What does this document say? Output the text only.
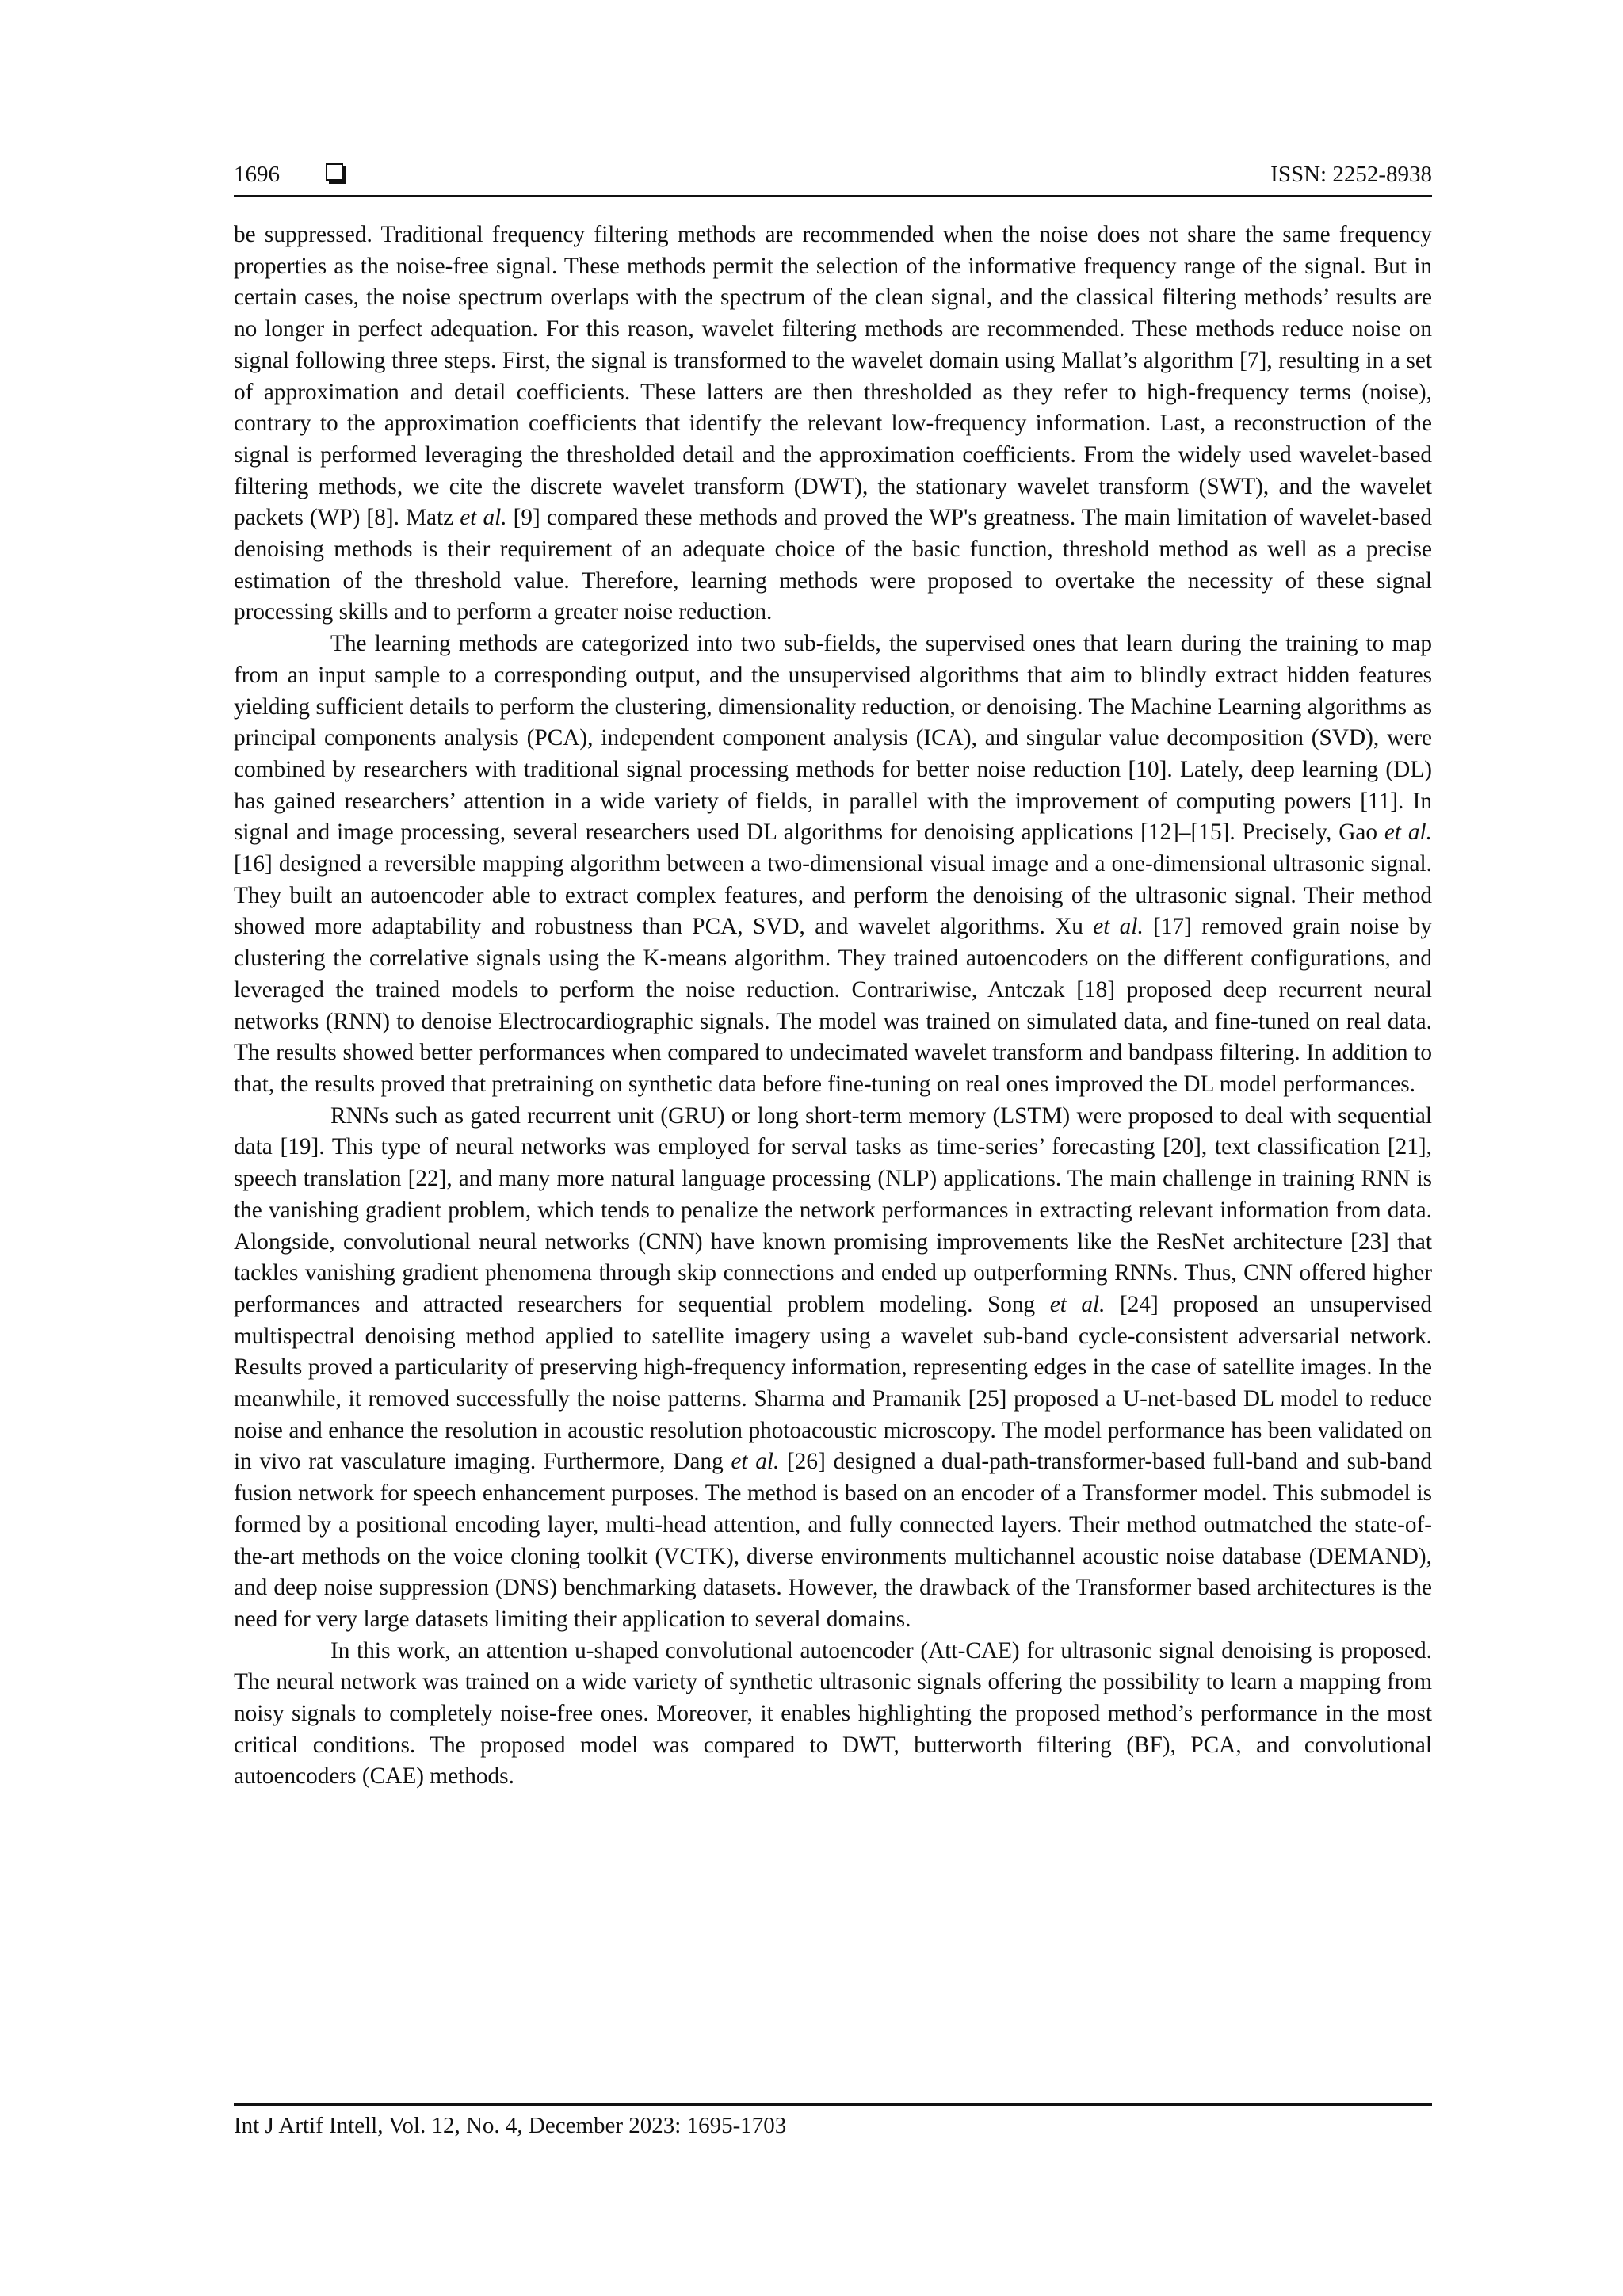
1696	ISSN: 2252-8938

be suppressed. Traditional frequency filtering methods are recommended when the noise does not share the same frequency properties as the noise-free signal. These methods permit the selection of the informative frequency range of the signal. But in certain cases, the noise spectrum overlaps with the spectrum of the clean signal, and the classical filtering methods’ results are no longer in perfect adequation. For this reason, wavelet filtering methods are recommended. These methods reduce noise on signal following three steps. First, the signal is transformed to the wavelet domain using Mallat’s algorithm [7], resulting in a set of approximation and detail coefficients. These latters are then thresholded as they refer to high-frequency terms (noise), contrary to the approximation coefficients that identify the relevant low-frequency information. Last, a reconstruction of the signal is performed leveraging the thresholded detail and the approximation coefficients. From the widely used wavelet-based filtering methods, we cite the discrete wavelet transform (DWT), the stationary wavelet transform (SWT), and the wavelet packets (WP) [8]. Matz et al. [9] compared these methods and proved the WP's greatness. The main limitation of wavelet-based denoising methods is their requirement of an adequate choice of the basic function, threshold method as well as a precise estimation of the threshold value. Therefore, learning methods were proposed to overtake the necessity of these signal processing skills and to perform a greater noise reduction.

The learning methods are categorized into two sub-fields, the supervised ones that learn during the training to map from an input sample to a corresponding output, and the unsupervised algorithms that aim to blindly extract hidden features yielding sufficient details to perform the clustering, dimensionality reduction, or denoising. The Machine Learning algorithms as principal components analysis (PCA), independent component analysis (ICA), and singular value decomposition (SVD), were combined by researchers with traditional signal processing methods for better noise reduction [10]. Lately, deep learning (DL) has gained researchers’ attention in a wide variety of fields, in parallel with the improvement of computing powers [11]. In signal and image processing, several researchers used DL algorithms for denoising applications [12]–[15]. Precisely, Gao et al. [16] designed a reversible mapping algorithm between a two-dimensional visual image and a one-dimensional ultrasonic signal. They built an autoencoder able to extract complex features, and perform the denoising of the ultrasonic signal. Their method showed more adaptability and robustness than PCA, SVD, and wavelet algorithms. Xu et al. [17] removed grain noise by clustering the correlative signals using the K-means algorithm. They trained autoencoders on the different configurations, and leveraged the trained models to perform the noise reduction. Contrariwise, Antczak [18] proposed deep recurrent neural networks (RNN) to denoise Electrocardiographic signals. The model was trained on simulated data, and fine-tuned on real data. The results showed better performances when compared to undecimated wavelet transform and bandpass filtering. In addition to that, the results proved that pretraining on synthetic data before fine-tuning on real ones improved the DL model performances.

RNNs such as gated recurrent unit (GRU) or long short-term memory (LSTM) were proposed to deal with sequential data [19]. This type of neural networks was employed for serval tasks as time-series’ forecasting [20], text classification [21], speech translation [22], and many more natural language processing (NLP) applications. The main challenge in training RNN is the vanishing gradient problem, which tends to penalize the network performances in extracting relevant information from data. Alongside, convolutional neural networks (CNN) have known promising improvements like the ResNet architecture [23] that tackles vanishing gradient phenomena through skip connections and ended up outperforming RNNs. Thus, CNN offered higher performances and attracted researchers for sequential problem modeling. Song et al. [24] proposed an unsupervised multispectral denoising method applied to satellite imagery using a wavelet sub-band cycle-consistent adversarial network. Results proved a particularity of preserving high-frequency information, representing edges in the case of satellite images. In the meanwhile, it removed successfully the noise patterns. Sharma and Pramanik [25] proposed a U-net-based DL model to reduce noise and enhance the resolution in acoustic resolution photoacoustic microscopy. The model performance has been validated on in vivo rat vasculature imaging. Furthermore, Dang et al. [26] designed a dual-path-transformer-based full-band and sub-band fusion network for speech enhancement purposes. The method is based on an encoder of a Transformer model. This submodel is formed by a positional encoding layer, multi-head attention, and fully connected layers. Their method outmatched the state-of-the-art methods on the voice cloning toolkit (VCTK), diverse environments multichannel acoustic noise database (DEMAND), and deep noise suppression (DNS) benchmarking datasets. However, the drawback of the Transformer based architectures is the need for very large datasets limiting their application to several domains.

In this work, an attention u-shaped convolutional autoencoder (Att-CAE) for ultrasonic signal denoising is proposed. The neural network was trained on a wide variety of synthetic ultrasonic signals offering the possibility to learn a mapping from noisy signals to completely noise-free ones. Moreover, it enables highlighting the proposed method’s performance in the most critical conditions. The proposed model was compared to DWT, butterworth filtering (BF), PCA, and convolutional autoencoders (CAE) methods.

Int J Artif Intell, Vol. 12, No. 4, December 2023: 1695-1703
